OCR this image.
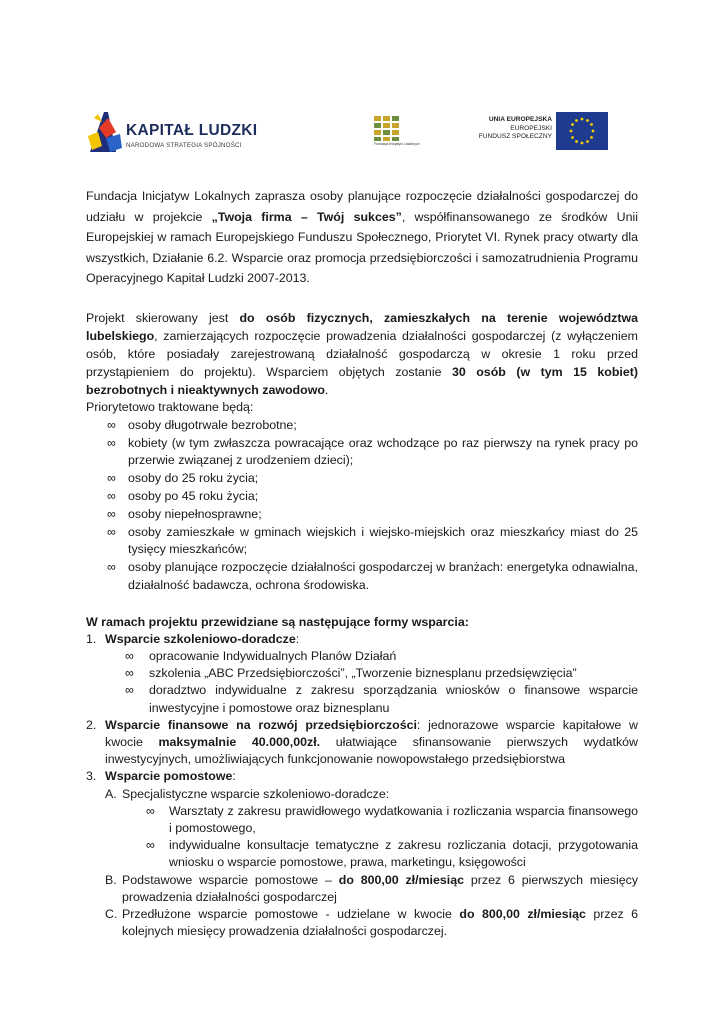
KAPITAŁ LUDZKI
NARODOWA STRATEGIA SPÓJNOŚCI	Fundacja Inicjatyw Lokalnych
UNIA EUROPEJSKA
EUROPEJSKI
FUNDUSZ SPOŁECZNY

Fundacja Inicjatyw Lokalnych zaprasza osoby planujące rozpoczęcie działalności gospodarczej do udziału w projekcie „Twoja firma – Twój sukces”, współfinansowanego ze środków Unii Europejskiej w ramach Europejskiego Funduszu Społecznego, Priorytet VI. Rynek pracy otwarty dla wszystkich, Działanie 6.2. Wsparcie oraz promocja przedsiębiorczości i samozatrudnienia Programu Operacyjnego Kapitał Ludzki 2007-2013.

Projekt skierowany jest do osób fizycznych, zamieszkałych na terenie województwa lubelskiego, zamierzających rozpoczęcie prowadzenia działalności gospodarczej (z wyłączeniem osób, które posiadały zarejestrowaną działalność gospodarczą w okresie 1 roku przed przystąpieniem do projektu). Wsparciem objętych zostanie 30 osób (w tym 15 kobiet) bezrobotnych i nieaktywnych zawodowo.

Priorytetowo traktowane będą:

∞ osoby długotrwale bezrobotne;
∞ kobiety (w tym zwłaszcza powracające oraz wchodzące po raz pierwszy na rynek pracy po przerwie związanej z urodzeniem dzieci);
∞ osoby do 25 roku życia;
∞ osoby po 45 roku życia;
∞ osoby niepełnosprawne;
∞ osoby zamieszkałe w gminach wiejskich i wiejsko-miejskich oraz mieszkańcy miast do 25 tysięcy mieszkańców;
∞ osoby planujące rozpoczęcie działalności gospodarczej w branżach: energetyka odnawialna, działalność badawcza, ochrona środowiska.

W ramach projektu przewidziane są następujące formy wsparcia:

1. Wsparcie szkoleniowo-doradcze:
∞ opracowanie Indywidualnych Planów Działań
∞ szkolenia „ABC Przedsiębiorczości”, „Tworzenie biznesplanu przedsięwzięcia”
∞ doradztwo indywidualne z zakresu sporządzania wniosków o finansowe wsparcie inwestycyjne i pomostowe oraz biznesplanu
2. Wsparcie finansowe na rozwój przedsiębiorczości: jednorazowe wsparcie kapitałowe w kwocie maksymalnie 40.000,00zł. ułatwiające sfinansowanie pierwszych wydatków inwestycyjnych, umożliwiających funkcjonowanie nowopowstałego przedsiębiorstwa
3. Wsparcie pomostowe:
A. Specjalistyczne wsparcie szkoleniowo-doradcze:
∞ Warsztaty z zakresu prawidłowego wydatkowania i rozliczania wsparcia finansowego i pomostowego,
∞ indywidualne konsultacje tematyczne z zakresu rozliczania dotacji, przygotowania wniosku o wsparcie pomostowe, prawa, marketingu, księgowości
B. Podstawowe wsparcie pomostowe – do 800,00 zł/miesiąc przez 6 pierwszych miesięcy prowadzenia działalności gospodarczej
C. Przedłużone wsparcie pomostowe - udzielane w kwocie do 800,00 zł/miesiąc przez 6 kolejnych miesięcy prowadzenia działalności gospodarczej.
